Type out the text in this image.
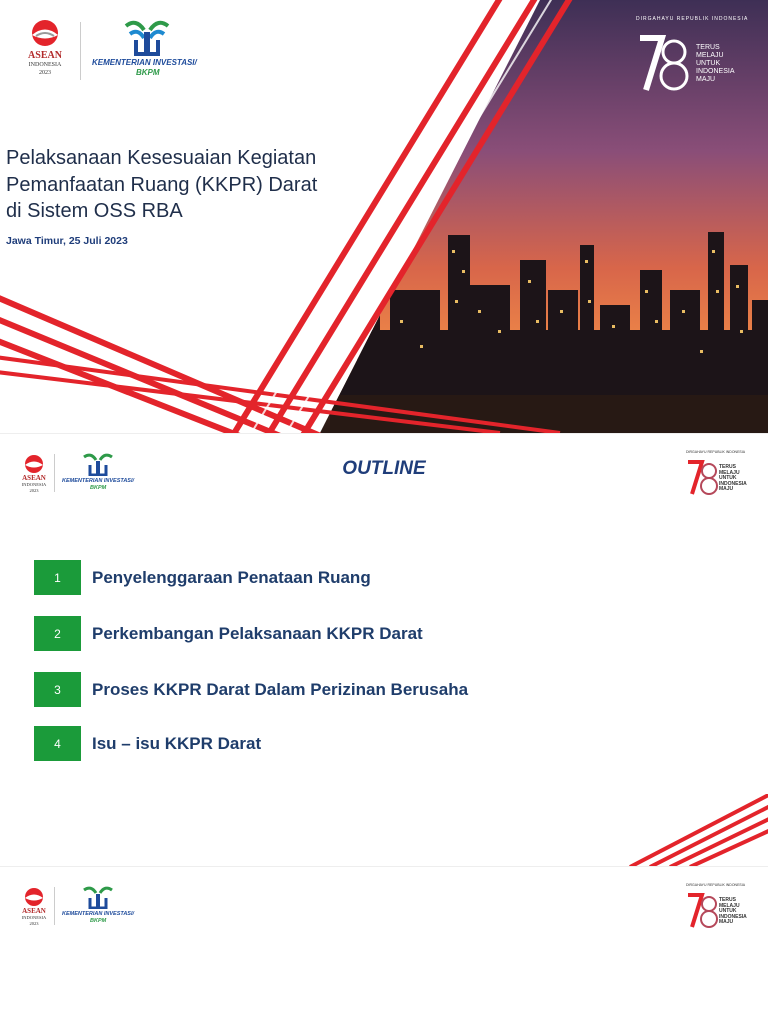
ASEAN
INDONESIA
2023
KEMENTERIAN INVESTASI/
BKPM
DIRGAHAYU REPUBLIK INDONESIA
TERUS
MELAJU
UNTUK
INDONESIA
MAJU
Pelaksanaan Kesesuaian Kegiatan
Pemanfaatan Ruang (KKPR) Darat
di Sistem OSS RBA
Jawa Timur, 25 Juli 2023
ASEAN
INDONESIA
2023
KEMENTERIAN INVESTASI/
BKPM
DIRGAHAYU REPUBLIK INDONESIA
TERUS
MELAJU
UNTUK
INDONESIA
MAJU
OUTLINE
1	Penyelenggaraan Penataan Ruang
2	Perkembangan Pelaksanaan KKPR Darat
3	Proses KKPR Darat Dalam Perizinan Berusaha
4	Isu – isu KKPR Darat
ASEAN
INDONESIA
2023
KEMENTERIAN INVESTASI/
BKPM
DIRGAHAYU REPUBLIK INDONESIA
TERUS
MELAJU
UNTUK
INDONESIA
MAJU
